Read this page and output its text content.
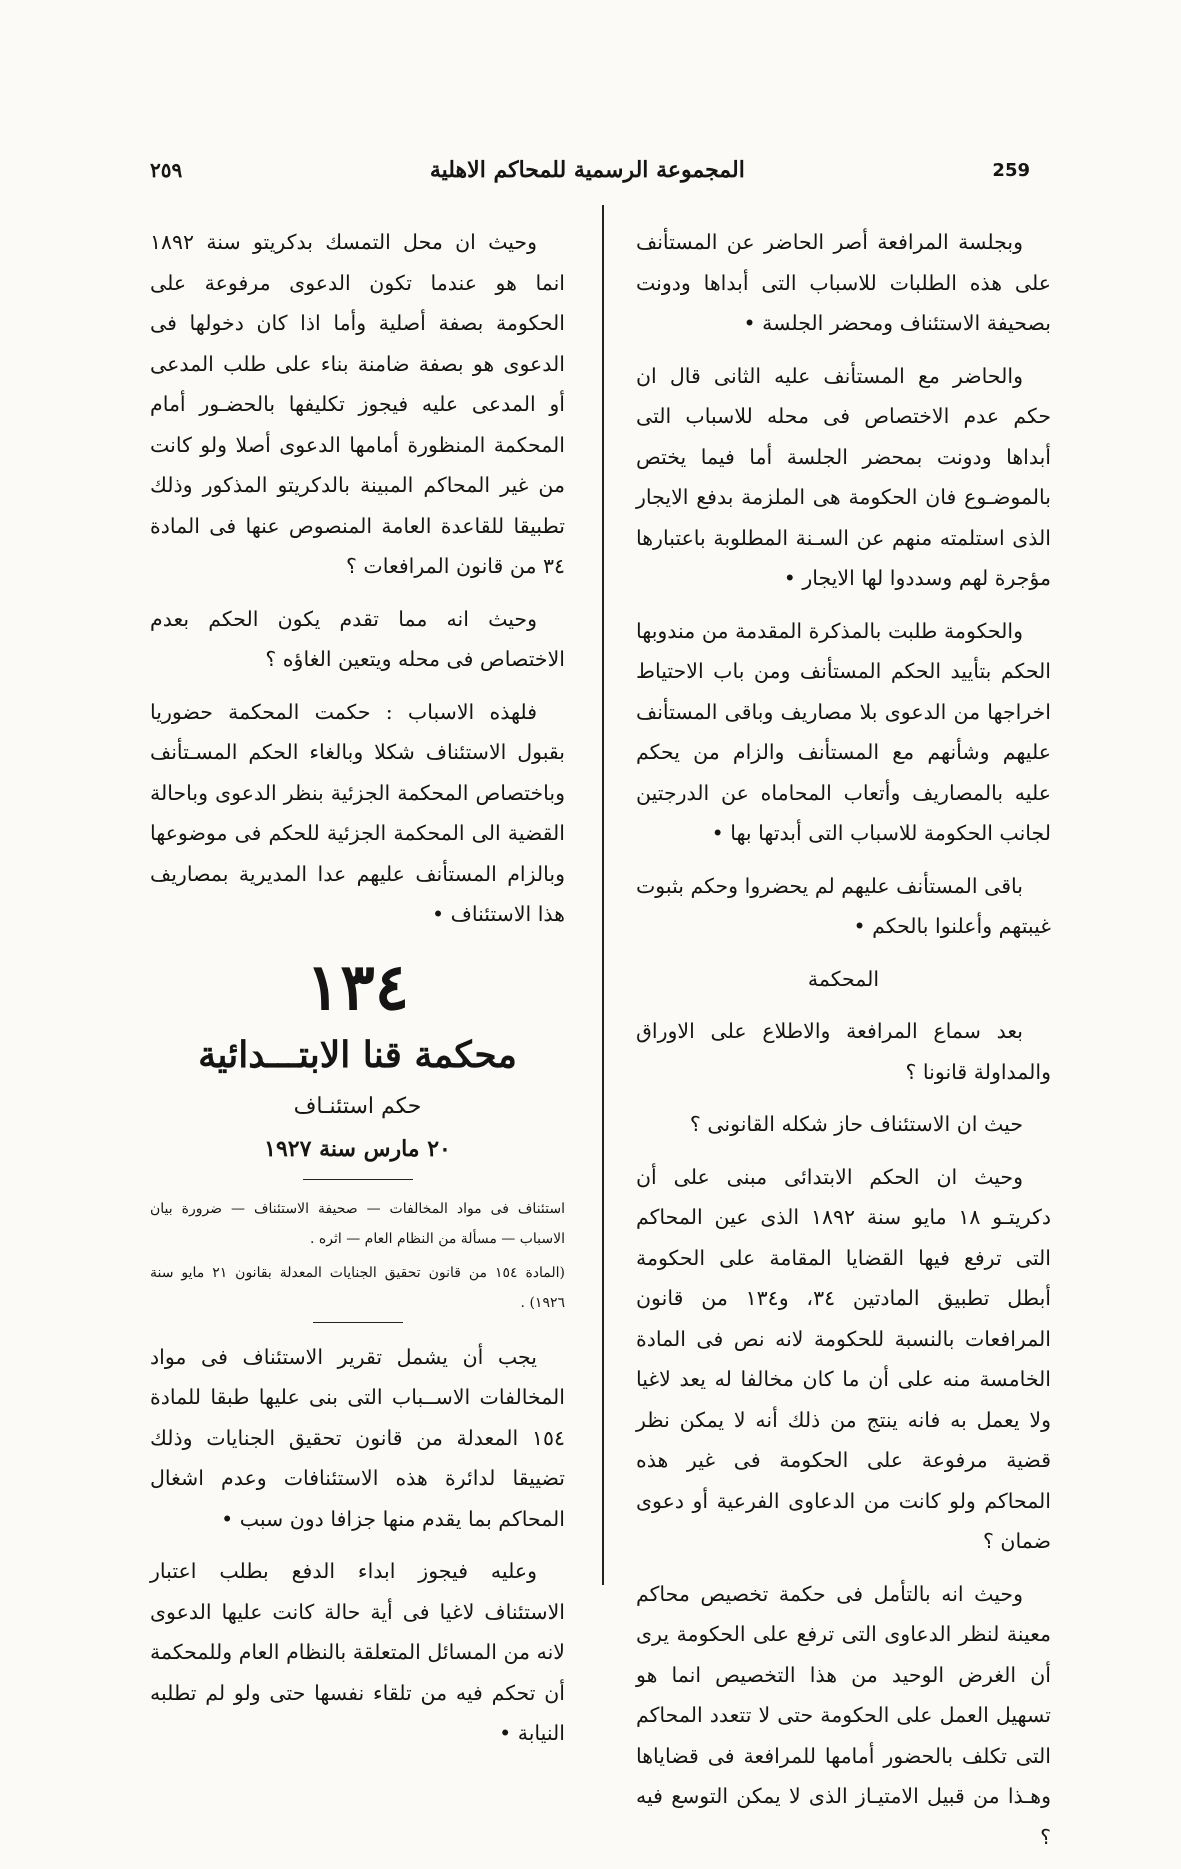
٢٥٩	المجموعة الرسمية للمحاكم الاهلية	259

وبجلسة المرافعة أصر الحاضر عن المستأنف على هذه الطلبات للاسباب التى أبداها ودونت بصحيفة الاستئناف ومحضر الجلسة •

والحاضر مع المستأنف عليه الثانى قال ان حكم عدم الاختصاص فى محله للاسباب التى أبداها ودونت بمحضر الجلسة أما فيما يختص بالموضـوع فان الحكومة هى الملزمة بدفع الايجار الذى استلمته منهم عن السـنة المطلوبة باعتبارها مؤجرة لهم وسددوا لها الايجار •

والحكومة طلبت بالمذكرة المقدمة من مندوبها الحكم بتأييد الحكم المستأنف ومن باب الاحتياط اخراجها من الدعوى بلا مصاريف وباقى المستأنف عليهم وشأنهم مع المستأنف والزام من يحكم عليه بالمصاريف وأتعاب المحاماه عن الدرجتين لجانب الحكومة للاسباب التى أبدتها بها •

باقى المستأنف عليهم لم يحضروا وحكم بثبوت غيبتهم وأعلنوا بالحكم •

المحكمة

بعد سماع المرافعة والاطلاع على الاوراق والمداولة قانونا ؟

حيث ان الاستئناف حاز شكله القانونى ؟

وحيث ان الحكم الابتدائى مبنى على أن دكريتـو ١٨ مايو سنة ١٨٩٢ الذى عين المحاكم التى ترفع فيها القضايا المقامة على الحكومة أبطل تطبيق المادتين ٣٤، و١٣٤ من قانون المرافعات بالنسبة للحكومة لانه نص فى المادة الخامسة منه على أن ما كان مخالفا له يعد لاغيا ولا يعمل به فانه ينتج من ذلك أنه لا يمكن نظر قضية مرفوعة على الحكومة فى غير هذه المحاكم ولو كانت من الدعاوى الفرعية أو دعوى ضمان ؟

وحيث انه بالتأمل فى حكمة تخصيص محاكم معينة لنظر الدعاوى التى ترفع على الحكومة يرى أن الغرض الوحيد من هذا التخصيص انما هو تسهيل العمل على الحكومة حتى لا تتعدد المحاكم التى تكلف بالحضور أمامها للمرافعة فى قضاياها وهـذا من قبيل الامتيـاز الذى لا يمكن التوسع فيه ؟

وحيث ان محل التمسك بدكريتو سنة ١٨٩٢ انما هو عندما تكون الدعوى مرفوعة على الحكومة بصفة أصلية وأما اذا كان دخولها فى الدعوى هو بصفة ضامنة بناء على طلب المدعى أو المدعى عليه فيجوز تكليفها بالحضـور أمام المحكمة المنظورة أمامها الدعوى أصلا ولو كانت من غير المحاكم المبينة بالدكريتو المذكور وذلك تطبيقا للقاعدة العامة المنصوص عنها فى المادة ٣٤ من قانون المرافعات ؟

وحيث انه مما تقدم يكون الحكم بعدم الاختصاص فى محله ويتعين الغاؤه ؟

فلهذه الاسباب : حكمت المحكمة حضوريا بقبول الاستئناف شكلا وبالغاء الحكم المسـتأنف وباختصاص المحكمة الجزئية بنظر الدعوى وباحالة القضية الى المحكمة الجزئية للحكم فى موضوعها وبالزام المستأنف عليهم عدا المديرية بمصاريف هذا الاستئناف •

١٣٤
محكمة قنا الابتـــدائية
حكم استئنـاف
٢٠ مارس سنة ١٩٢٧

استئناف فى مواد المخالفات — صحيفة الاستئناف — ضرورة بيان الاسباب — مسألة من النظام العام — اثره .

(المادة ١٥٤ من قانون تحقيق الجنايات المعدلة بقانون ٢١ مايو سنة ١٩٢٦) .

يجب أن يشمل تقرير الاستئناف فى مواد المخالفات الاســباب التى بنى عليها طبقا للمادة ١٥٤ المعدلة من قانون تحقيق الجنايات وذلك تضييقا لدائرة هذه الاستئنافات وعدم اشغال المحاكم بما يقدم منها جزافا دون سبب •

وعليه فيجوز ابداء الدفع بطلب اعتبار الاستئناف لاغيا فى أية حالة كانت عليها الدعوى لانه من المسائل المتعلقة بالنظام العام وللمحكمة أن تحكم فيه من تلقاء نفسها حتى ولو لم تطلبه النيابة •
